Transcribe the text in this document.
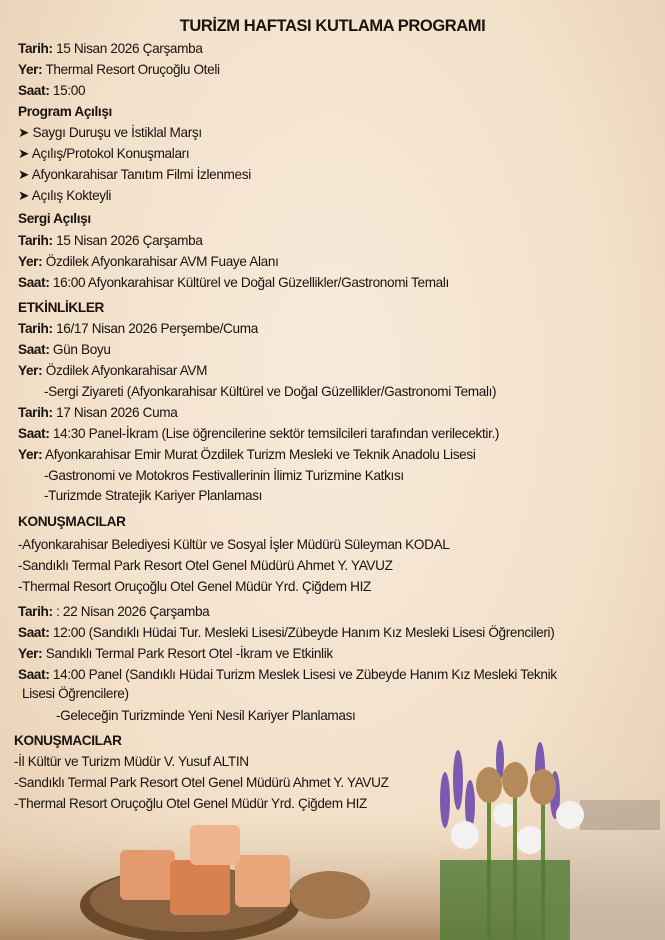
TURİZM HAFTASI KUTLAMA PROGRAMI
Tarih: 15 Nisan 2026 Çarşamba
Yer: Thermal Resort Oruçoğlu Oteli
Saat: 15:00
Program Açılışı
➤ Saygı Duruşu ve İstiklal Marşı
➤ Açılış/Protokol Konuşmaları
➤ Afyonkarahisar Tanıtım Filmi İzlenmesi
➤ Açılış Kokteyli
Sergi Açılışı
Tarih: 15 Nisan 2026 Çarşamba
Yer: Özdilek Afyonkarahisar AVM Fuaye Alanı
Saat: 16:00 Afyonkarahisar Kültürel ve Doğal Güzellikler/Gastronomi Temalı
ETKİNLİKLER
Tarih: 16/17 Nisan 2026 Perşembe/Cuma
Saat: Gün Boyu
Yer: Özdilek Afyonkarahisar AVM
-Sergi Ziyareti (Afyonkarahisar Kültürel ve Doğal Güzellikler/Gastronomi Temalı)
Tarih: 17 Nisan 2026 Cuma
Saat: 14:30 Panel-İkram (Lise öğrencilerine sektör temsilcileri tarafından verilecektir.)
Yer: Afyonkarahisar Emir Murat Özdilek Turizm Mesleki ve Teknik Anadolu Lisesi
-Gastronomi ve Motokros Festivallerinin İlimiz Turizmine Katkısı
-Turizmde Stratejik Kariyer Planlaması
KONUŞMACILAR
-Afyonkarahisar Belediyesi Kültür ve Sosyal İşler Müdürü Süleyman KODAL
-Sandıklı Termal Park Resort Otel Genel Müdürü Ahmet Y. YAVUZ
-Thermal Resort Oruçoğlu Otel Genel Müdür Yrd. Çiğdem HIZ
Tarih: : 22 Nisan 2026 Çarşamba
Saat: 12:00 (Sandıklı Hüdai Tur. Mesleki Lisesi/Zübeyde Hanım Kız Mesleki Lisesi Öğrencileri)
Yer: Sandıklı Termal Park Resort Otel -İkram ve Etkinlik
Saat: 14:00 Panel (Sandıklı Hüdai Turizm Meslek Lisesi ve Zübeyde Hanım Kız Mesleki Teknik
Lisesi Öğrencilere)
-Geleceğin Turizminde Yeni Nesil Kariyer Planlaması
KONUŞMACILAR
-İl Kültür ve Turizm Müdür V. Yusuf ALTIN
-Sandıklı Termal Park Resort Otel Genel Müdürü Ahmet Y. YAVUZ
-Thermal Resort Oruçoğlu Otel Genel Müdür Yrd. Çiğdem HIZ
